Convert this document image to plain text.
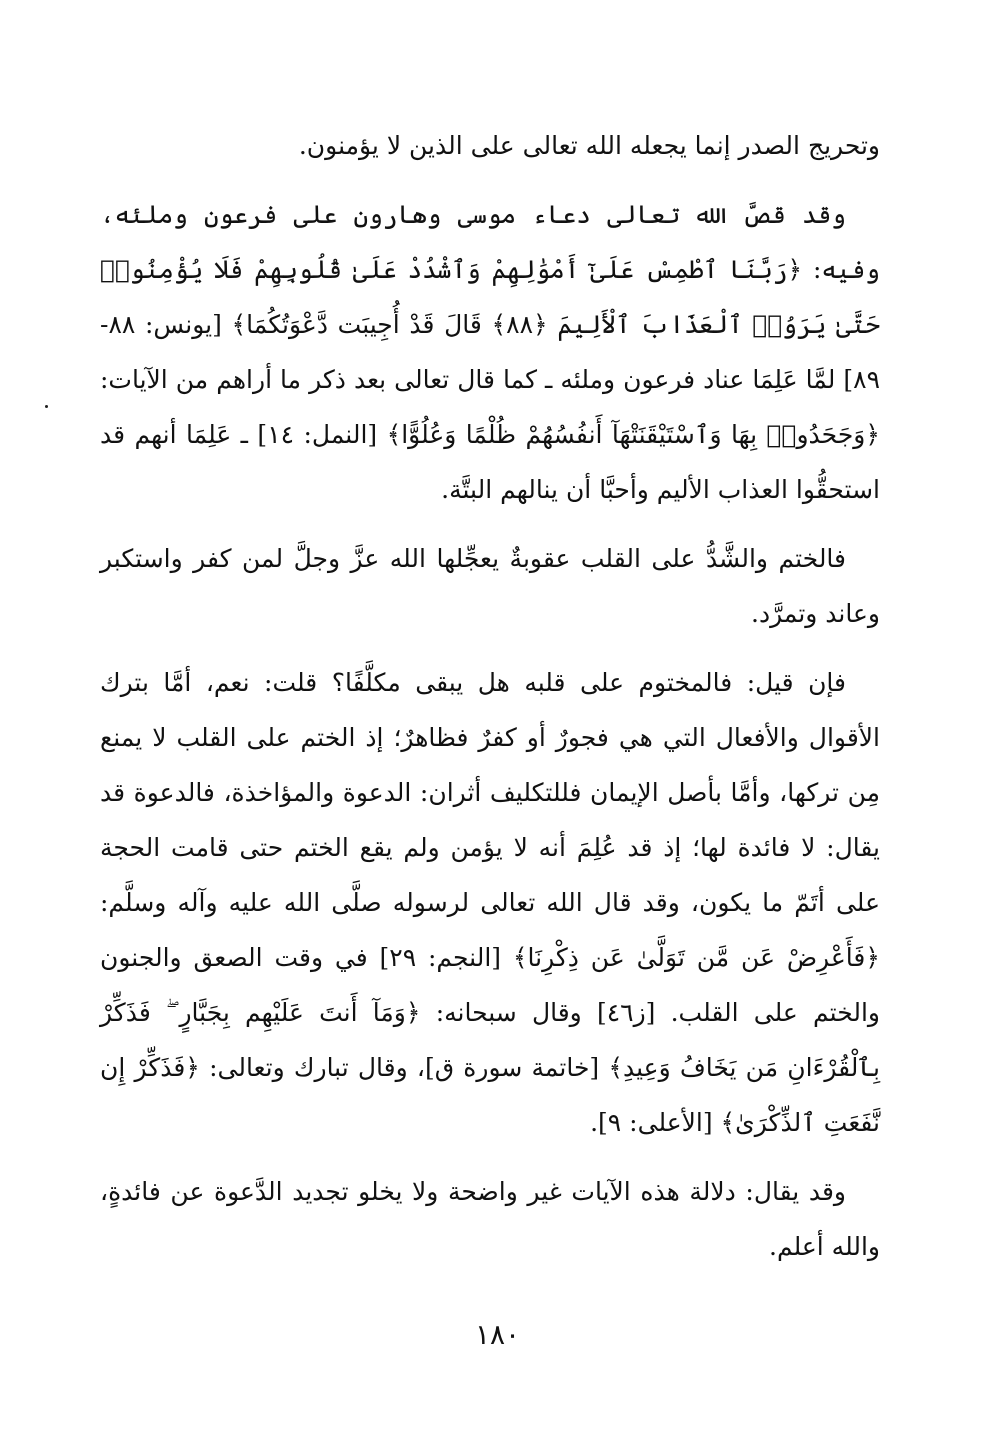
وتحريج الصدر إنما يجعله الله تعالى على الذين لا يؤمنون.

وقد قصَّ الله تعالى دعاء موسى وهارون على فرعون وملئه، وفيه: ﴿رَبَّنَا ٱطْمِسْ عَلَىٰٓ أَمْوَٰلِهِمْ وَٱشْدُدْ عَلَىٰ قُلُوبِهِمْ فَلَا يُؤْمِنُوا۟ حَتَّىٰ يَرَوُا۟ ٱلْعَذَابَ ٱلْأَلِيمَ ﴿٨٨﴾ قَالَ قَدْ أُجِيبَت دَّعْوَتُكُمَا﴾ [يونس: ٨٨- ٨٩] لمَّا عَلِمَا عناد فرعون وملئه ـ كما قال تعالى بعد ذكر ما أراهم من الآيات: ﴿وَجَحَدُوا۟ بِهَا وَٱسْتَيْقَنَتْهَآ أَنفُسُهُمْ ظُلْمًا وَعُلُوًّا﴾ [النمل: ١٤] ـ عَلِمَا أنهم قد استحقُّوا العذاب الأليم وأحبَّا أن ينالهم البتَّة.

فالختم والشَّدُّ على القلب عقوبةٌ يعجِّلها الله عزَّ وجلَّ لمن كفر واستكبر وعاند وتمرَّد.

فإن قيل: فالمختوم على قلبه هل يبقى مكلَّفًا؟ قلت: نعم، أمَّا بترك الأقوال والأفعال التي هي فجورٌ أو كفرٌ فظاهرٌ؛ إذ الختم على القلب لا يمنع مِن تركها، وأمَّا بأصل الإيمان فللتكليف أثران: الدعوة والمؤاخذة، فالدعوة قد يقال: لا فائدة لها؛ إذ قد عُلِمَ أنه لا يؤمن ولم يقع الختم حتى قامت الحجة على أتَمّ ما يكون، وقد قال الله تعالى لرسوله صلَّى الله عليه وآله وسلَّم: ﴿فَأَعْرِضْ عَن مَّن تَوَلَّىٰ عَن ذِكْرِنَا﴾ [النجم: ٢٩] في وقت الصعق والجنون والختم على القلب. [ز٤٦] وقال سبحانه: ﴿وَمَآ أَنتَ عَلَيْهِم بِجَبَّارٍ ۖ فَذَكِّرْ بِٱلْقُرْءَانِ مَن يَخَافُ وَعِيدِ﴾ [خاتمة سورة ق]، وقال تبارك وتعالى: ﴿فَذَكِّرْ إِن نَّفَعَتِ ٱلذِّكْرَىٰ﴾ [الأعلى: ٩].

وقد يقال: دلالة هذه الآيات غير واضحة ولا يخلو تجديد الدَّعوة عن فائدةٍ، والله أعلم.

١٨٠
